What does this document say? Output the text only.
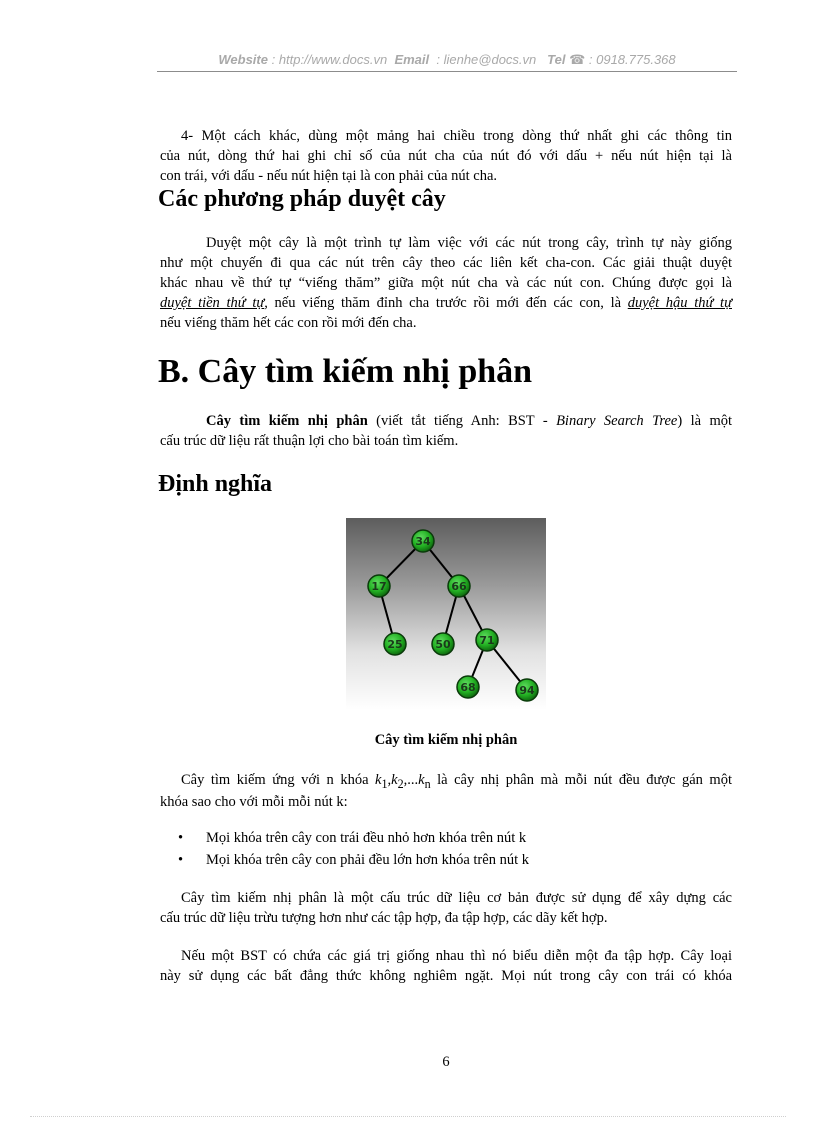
Website : http://www.docs.vn Email : lienhe@docs.vn Tel ☎ : 0918.775.368
4- Một cách khác, dùng một mảng hai chiều trong dòng thứ nhất ghi các thông tin
của nút, dòng thứ hai ghi chỉ số của nút cha của nút đó với dấu + nếu nút hiện tại là
con trái, với dấu - nếu nút hiện tại là con phải của nút cha.
Các phương pháp duyệt cây
Duyệt một cây là một trình tự làm việc với các nút trong cây, trình tự này giống
như một chuyến đi qua các nút trên cây theo các liên kết cha-con. Các giải thuật duyệt
khác nhau về thứ tự “viếng thăm” giữa một nút cha và các nút con. Chúng được gọi là
duyệt tiền thứ tự, nếu viếng thăm đỉnh cha trước rồi mới đến các con, là duyệt hậu thứ tự
nếu viếng thăm hết các con rồi mới đến cha.
B. Cây tìm kiếm nhị phân
Cây tìm kiếm nhị phân (viết tắt tiếng Anh: BST - Binary Search Tree) là một
cấu trúc dữ liệu rất thuận lợi cho bài toán tìm kiếm.
Định nghĩa
34
17	66
25	50	71
68	94
Cây tìm kiếm nhị phân
Cây tìm kiếm ứng với n khóa $k_1,k_2,...k_n$ là cây nhị phân mà mỗi nút đều được gán một
khóa sao cho với mỗi mỗi nút k:
• Mọi khóa trên cây con trái đều nhỏ hơn khóa trên nút k
• Mọi khóa trên cây con phải đều lớn hơn khóa trên nút k
Cây tìm kiếm nhị phân là một cấu trúc dữ liệu cơ bản được sử dụng để xây dựng các
cấu trúc dữ liệu trừu tượng hơn như các tập hợp, đa tập hợp, các dãy kết hợp.
Nếu một BST có chứa các giá trị giống nhau thì nó biểu diễn một đa tập hợp. Cây loại
này sử dụng các bất đẳng thức không nghiêm ngặt. Mọi nút trong cây con trái có khóa
6
